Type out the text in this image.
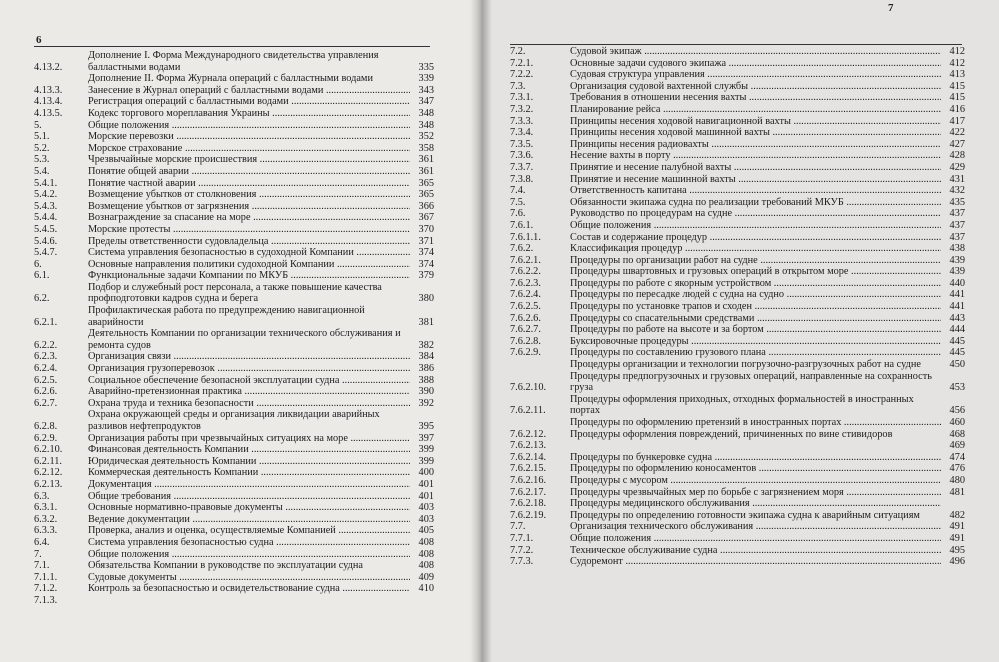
6
4.13.2.
Дополнение I. Форма Международного свидетельства управления балластными водами	335
Дополнение II. Форма Журнала операций с балластными водами	339
4.13.3.	Занесение в Журнал операций с балластными водами .....	343
4.13.4.	Регистрация операций с балластными водами .....	347
4.13.5.	Кодекс торгового мореплавания Украины .....	348
5.	Общие положения .....	348
5.1.	Морские перевозки .....	352
5.2.	Морское страхование .....	358
5.3.	Чрезвычайные морские происшествия .....	361
5.4.	Понятие общей аварии .....	361
5.4.1.	Понятие частной аварии .....	365
5.4.2.	Возмещение убытков от столкновения .....	365
5.4.3.	Возмещение убытков от загрязнения .....	366
5.4.4.	Вознаграждение за спасание на море .....	367
5.4.5.	Морские протесты .....	370
5.4.6.	Пределы ответственности судовладельца .....	371
5.4.7.	Система управления безопасностью в судоходной Компании .....	374
6.	Основные направления политики судоходной Компании .....	374
6.1.	Функциональные задачи Компании по МКУБ .....	379
6.2.
Подбор и служебный рост персонала, а также повышение качества профподготовки кадров судна и берега	380
6.2.1.
Профилактическая работа по предупреждению навигационной аварийности	381
6.2.2.
Деятельность Компании по организации технического обслуживания и ремонта судов	382
6.2.3.	Организация связи .....	384
6.2.4.	Организация грузоперевозок .....	386
6.2.5.	Социальное обеспечение безопасной эксплуатации судна .....	388
6.2.6.	Аварийно-претензионная практика .....	390
6.2.7.	Охрана труда и техника безопасности .....	392
6.2.8.
Охрана окружающей среды и организация ликвидации аварийных разливов нефтепродуктов	395
6.2.9.	Организация работы при чрезвычайных ситуациях на море .....	397
6.2.10.	Финансовая деятельность Компании .....	399
6.2.11.	Юридическая деятельность Компании .....	399
6.2.12.	Коммерческая деятельность Компании .....	400
6.2.13.	Документация .....	401
6.3.	Общие требования .....	401
6.3.1.	Основные нормативно-правовые документы .....	403
6.3.2.	Ведение документации .....	403
6.3.3.	Проверка, анализ и оценка, осуществляемые Компанией .....	405
6.4.	Система управления безопасностью судна .....	408
7.	Общие положения .....	408
7.1.	Обязательства Компании в руководстве по эксплуатации судна	408
7.1.1.	Судовые документы .....	409
7.1.2.	Контроль за безопасностью и освидетельствование судна .....	410
7.1.3.
7
7.2.	Судовой экипаж .....	412
7.2.1.	Основные задачи судового экипажа .....	412
7.2.2.	Судовая структура управления .....	413
7.3.	Организация судовой вахтенной службы .....	415
7.3.1.	Требования в отношении несения вахты .....	415
7.3.2.	Планирование рейса .....	416
7.3.3.	Принципы несения ходовой навигационной вахты .....	417
7.3.4.	Принципы несения ходовой машинной вахты .....	422
7.3.5.	Принципы несения радиовахты .....	427
7.3.6.	Несение вахты в порту .....	428
7.3.7.	Принятие и несение палубной вахты .....	429
7.3.8.	Принятие и несение машинной вахты .....	431
7.4.	Ответственность капитана .....	432
7.5.	Обязанности экипажа судна по реализации требований МКУБ .....	435
7.6.	Руководство по процедурам на судне .....	437
7.6.1.	Общие положения .....	437
7.6.1.1.	Состав и содержание процедур .....	437
7.6.2.	Классификация процедур .....	438
7.6.2.1.	Процедуры по организации работ на судне .....	439
7.6.2.2.	Процедуры швартовных и грузовых операций в открытом море .....	439
7.6.2.3.	Процедуры по работе с якорным устройством .....	440
7.6.2.4.	Процедуры по пересадке людей с судна на судно .....	441
7.6.2.5.	Процедуры по установке трапов и сходен .....	441
7.6.2.6.	Процедуры со спасательными средствами .....	443
7.6.2.7.	Процедуры по работе на высоте и за бортом .....	444
7.6.2.8.	Буксировочные процедуры .....	445
7.6.2.9.	Процедуры по составлению грузового плана .....	445
Процедуры организации и технологии погрузочно-разгрузочных работ на судне	450
7.6.2.10.
Процедуры предпогрузочных и грузовых операций, направленные на сохранность груза	453
7.6.2.11.
Процедуры оформления приходных, отходных формальностей в иностранных портах	456
Процедуры по оформлению претензий в иностранных портах .....	460
7.6.2.12.	Процедуры оформления повреждений, причиненных по вине стивидоров	468
7.6.2.13.	469
7.6.2.14.	Процедуры по бункеровке судна .....	474
7.6.2.15.	Процедуры по оформлению коносаментов .....	476
7.6.2.16.	Процедуры с мусором .....	480
7.6.2.17.	Процедуры чрезвычайных мер по борьбе с загрязнением моря .....	481
7.6.2.18.	Процедуры медицинского обслуживания .....
7.6.2.19.	Процедуры по определению готовности экипажа судна к аварийным ситуациям	482
7.7.	Организация технического обслуживания .....	491
7.7.1.	Общие положения .....	491
7.7.2.	Техническое обслуживание судна .....	495
7.7.3.	Судоремонт .....	496
